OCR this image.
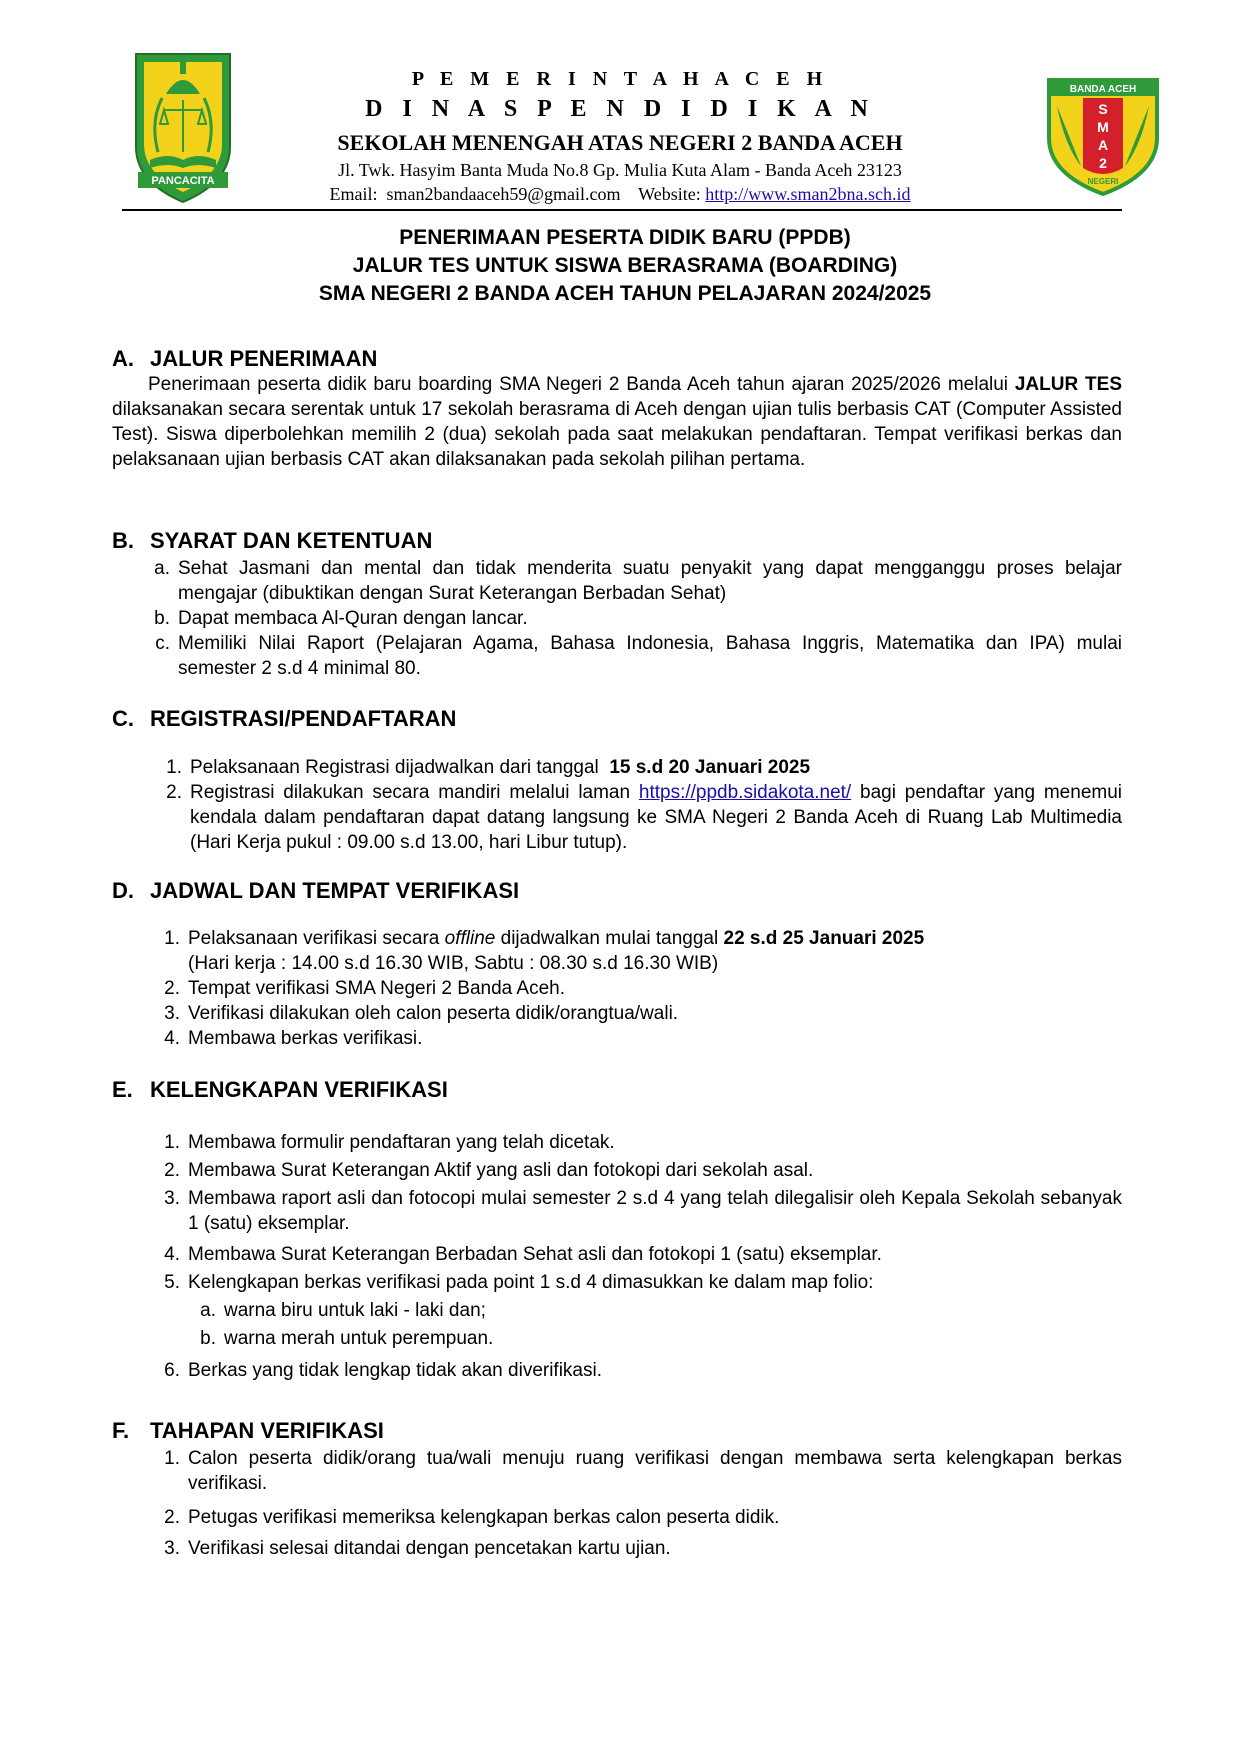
PANCACITA
P E M E R I N T A H A C E H
D I N A S P E N D I D I K A N
SEKOLAH MENENGAH ATAS NEGERI 2 BANDA ACEH
Jl. Twk. Hasyim Banta Muda No.8 Gp. Mulia Kuta Alam - Banda Aceh 23123
Email: sman2bandaaceh59@gmail.com Website: http://www.sman2bna.sch.id
BANDA ACEH
S
M
A
2
NEGERI
PENERIMAAN PESERTA DIDIK BARU (PPDB)
JALUR TES UNTUK SISWA BERASRAMA (BOARDING)
SMA NEGERI 2 BANDA ACEH TAHUN PELAJARAN 2024/2025
A. JALUR PENERIMAAN
Penerimaan peserta didik baru boarding SMA Negeri 2 Banda Aceh tahun ajaran 2025/2026 melalui JALUR TES dilaksanakan secara serentak untuk 17 sekolah berasrama di Aceh dengan ujian tulis berbasis CAT (Computer Assisted Test). Siswa diperbolehkan memilih 2 (dua) sekolah pada saat melakukan pendaftaran. Tempat verifikasi berkas dan pelaksanaan ujian berbasis CAT akan dilaksanakan pada sekolah pilihan pertama.
B. SYARAT DAN KETENTUAN
a. Sehat Jasmani dan mental dan tidak menderita suatu penyakit yang dapat mengganggu proses belajar mengajar (dibuktikan dengan Surat Keterangan Berbadan Sehat)
b. Dapat membaca Al-Quran dengan lancar.
c. Memiliki Nilai Raport (Pelajaran Agama, Bahasa Indonesia, Bahasa Inggris, Matematika dan IPA) mulai semester 2 s.d 4 minimal 80.
C. REGISTRASI/PENDAFTARAN
1. Pelaksanaan Registrasi dijadwalkan dari tanggal 15 s.d 20 Januari 2025
2. Registrasi dilakukan secara mandiri melalui laman https://ppdb.sidakota.net/ bagi pendaftar yang menemui kendala dalam pendaftaran dapat datang langsung ke SMA Negeri 2 Banda Aceh di Ruang Lab Multimedia (Hari Kerja pukul : 09.00 s.d 13.00, hari Libur tutup).
D. JADWAL DAN TEMPAT VERIFIKASI
1. Pelaksanaan verifikasi secara offline dijadwalkan mulai tanggal 22 s.d 25 Januari 2025
(Hari kerja : 14.00 s.d 16.30 WIB, Sabtu : 08.30 s.d 16.30 WIB)
2. Tempat verifikasi SMA Negeri 2 Banda Aceh.
3. Verifikasi dilakukan oleh calon peserta didik/orangtua/wali.
4. Membawa berkas verifikasi.
E. KELENGKAPAN VERIFIKASI
1. Membawa formulir pendaftaran yang telah dicetak.
2. Membawa Surat Keterangan Aktif yang asli dan fotokopi dari sekolah asal.
3. Membawa raport asli dan fotocopi mulai semester 2 s.d 4 yang telah dilegalisir oleh Kepala Sekolah sebanyak 1 (satu) eksemplar.
4. Membawa Surat Keterangan Berbadan Sehat asli dan fotokopi 1 (satu) eksemplar.
5. Kelengkapan berkas verifikasi pada point 1 s.d 4 dimasukkan ke dalam map folio:
a. warna biru untuk laki - laki dan;
b. warna merah untuk perempuan.
6. Berkas yang tidak lengkap tidak akan diverifikasi.
F. TAHAPAN VERIFIKASI
1. Calon peserta didik/orang tua/wali menuju ruang verifikasi dengan membawa serta kelengkapan berkas verifikasi.
2. Petugas verifikasi memeriksa kelengkapan berkas calon peserta didik.
3. Verifikasi selesai ditandai dengan pencetakan kartu ujian.
